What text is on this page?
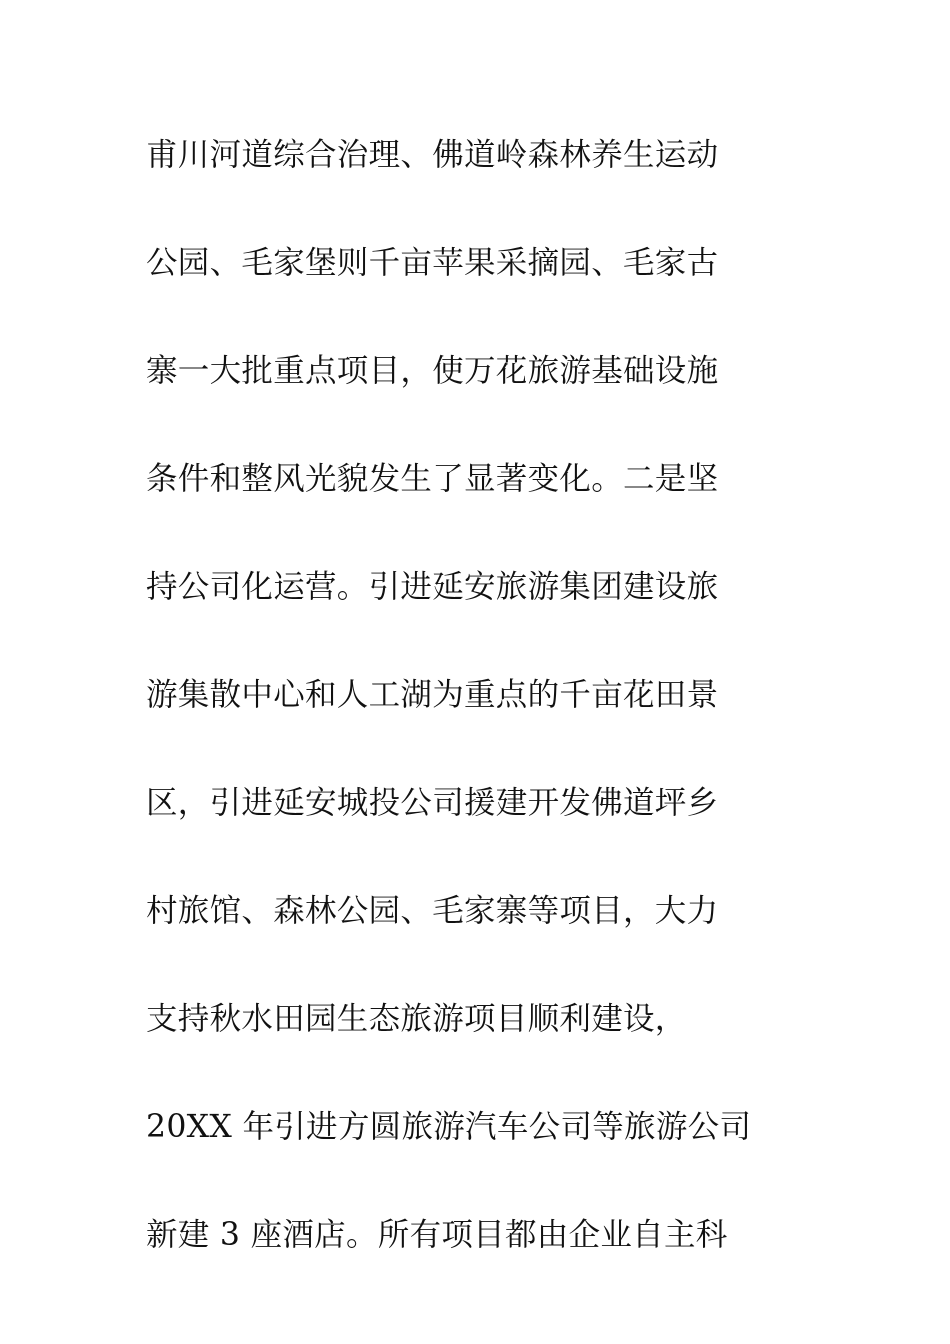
甫川河道综合治理、佛道岭森林养生运动
公园、毛家堡则千亩苹果采摘园、毛家古
寨一大批重点项目，使万花旅游基础设施
条件和整风光貌发生了显著变化。二是坚
持公司化运营。引进延安旅游集团建设旅
游集散中心和人工湖为重点的千亩花田景
区，引进延安城投公司援建开发佛道坪乡
村旅馆、森林公园、毛家寨等项目，大力
支持秋水田园生态旅游项目顺利建设，
20XX 年引进方圆旅游汽车公司等旅游公司
新建 3 座酒店。所有项目都由企业自主科
